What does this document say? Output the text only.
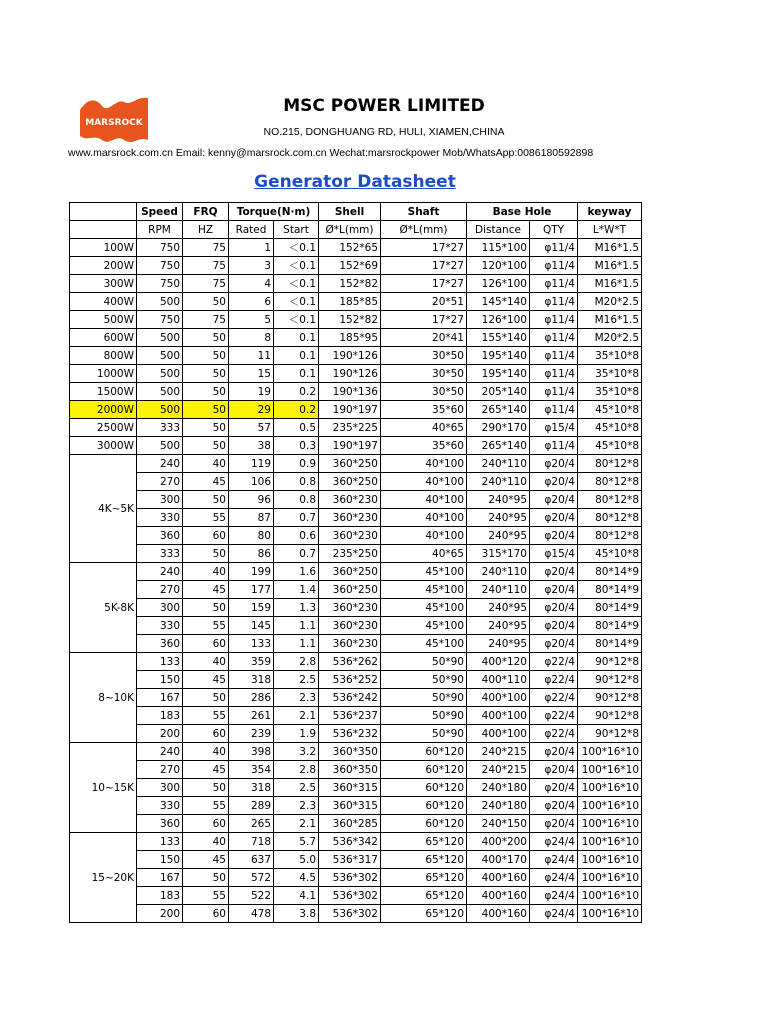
MARSROCK
MSC POWER LIMITED
NO.215, DONGHUANG RD, HULI, XIAMEN,CHINA
www.marsrock.com.cn Email: kenny@marsrock.com.cn Wechat:marsrockpower Mob/WhatsApp:0086180592898
Generator Datasheet
	Speed	FRQ	Torque(N·m)		Shell	Shaft	Base Hole		keyway
	RPM	HZ	Rated	Start	Ø*L(mm)	Ø*L(mm)	Distance	QTY	L*W*T
100W	750	75	1	＜0.1	152*65	17*27	115*100	φ11/4	M16*1.5
200W	750	75	3	＜0.1	152*69	17*27	120*100	φ11/4	M16*1.5
300W	750	75	4	＜0.1	152*82	17*27	126*100	φ11/4	M16*1.5
400W	500	50	6	＜0.1	185*85	20*51	145*140	φ11/4	M20*2.5
500W	750	75	5	＜0.1	152*82	17*27	126*100	φ11/4	M16*1.5
600W	500	50	8	0.1	185*95	20*41	155*140	φ11/4	M20*2.5
800W	500	50	11	0.1	190*126	30*50	195*140	φ11/4	35*10*8
1000W	500	50	15	0.1	190*126	30*50	195*140	φ11/4	35*10*8
1500W	500	50	19	0.2	190*136	30*50	205*140	φ11/4	35*10*8
2000W	500	50	29	0.2	190*197	35*60	265*140	φ11/4	45*10*8
2500W	333	50	57	0.5	235*225	40*65	290*170	φ15/4	45*10*8
3000W	500	50	38	0.3	190*197	35*60	265*140	φ11/4	45*10*8
4K~5K	240	40	119	0.9	360*250	40*100	240*110	φ20/4	80*12*8
	270	45	106	0.8	360*250	40*100	240*110	φ20/4	80*12*8
	300	50	96	0.8	360*230	40*100	240*95	φ20/4	80*12*8
	330	55	87	0.7	360*230	40*100	240*95	φ20/4	80*12*8
	360	60	80	0.6	360*230	40*100	240*95	φ20/4	80*12*8
	333	50	86	0.7	235*250	40*65	315*170	φ15/4	45*10*8
5K-8K	240	40	199	1.6	360*250	45*100	240*110	φ20/4	80*14*9
	270	45	177	1.4	360*250	45*100	240*110	φ20/4	80*14*9
	300	50	159	1.3	360*230	45*100	240*95	φ20/4	80*14*9
	330	55	145	1.1	360*230	45*100	240*95	φ20/4	80*14*9
	360	60	133	1.1	360*230	45*100	240*95	φ20/4	80*14*9
8~10K	133	40	359	2.8	536*262	50*90	400*120	φ22/4	90*12*8
	150	45	318	2.5	536*252	50*90	400*110	φ22/4	90*12*8
	167	50	286	2.3	536*242	50*90	400*100	φ22/4	90*12*8
	183	55	261	2.1	536*237	50*90	400*100	φ22/4	90*12*8
	200	60	239	1.9	536*232	50*90	400*100	φ22/4	90*12*8
10~15K	240	40	398	3.2	360*350	60*120	240*215	φ20/4	100*16*10
	270	45	354	2.8	360*350	60*120	240*215	φ20/4	100*16*10
	300	50	318	2.5	360*315	60*120	240*180	φ20/4	100*16*10
	330	55	289	2.3	360*315	60*120	240*180	φ20/4	100*16*10
	360	60	265	2.1	360*285	60*120	240*150	φ20/4	100*16*10
15~20K	133	40	718	5.7	536*342	65*120	400*200	φ24/4	100*16*10
	150	45	637	5.0	536*317	65*120	400*170	φ24/4	100*16*10
	167	50	572	4.5	536*302	65*120	400*160	φ24/4	100*16*10
	183	55	522	4.1	536*302	65*120	400*160	φ24/4	100*16*10
	200	60	478	3.8	536*302	65*120	400*160	φ24/4	100*16*10
